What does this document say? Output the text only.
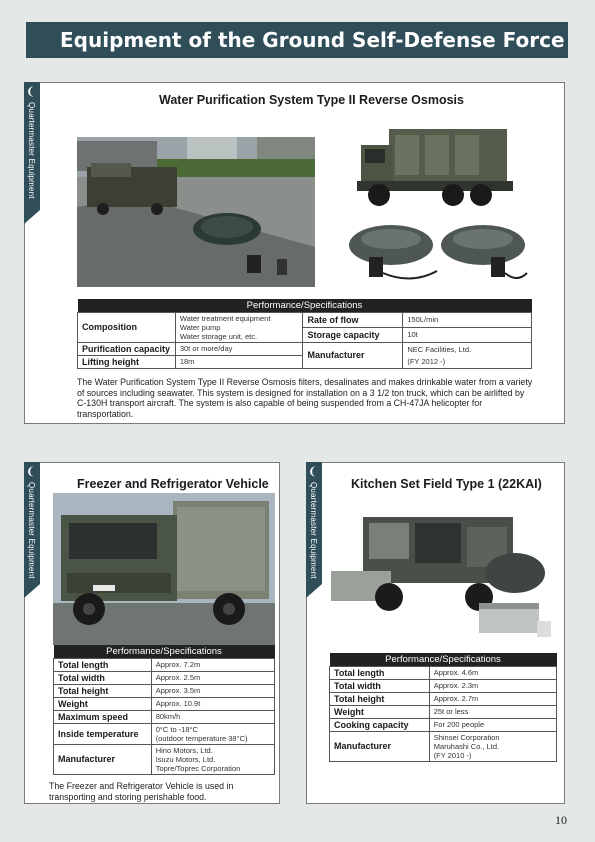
Equipment of the Ground Self-Defense Force
❨
Quartermaster Equipment
Water Purification System Type II Reverse Osmosis
Performance/Specifications			
Composition	Water treatment equipment
Water pump
Water storage unit, etc.	Rate of flow	150L/min
		Storage capacity	10t
Purification capacity	30t or more/day	Manufacturer	NEC Facilities, Ltd.
(FY 2012 -)

Lifting height	18m		

The Water Purification System Type II Reverse Osmosis filters, desalinates and makes drinkable water from a variety of sources including seawater. This system is designed for installation on a 3 1/2 ton truck, which can be airlifted by C-130H transport aircraft. The system is also capable of being suspended from a CH-47JA helicopter for transportation.

❨
Quartermaster Equipment	Freezer and Refrigerator Vehicle
Performance/Specifications	
Total length	Approx. 7.2m
Total width	Approx. 2.5m
Total height	Approx. 3.5m
Weight	Approx. 10.9t
Maximum speed	80km/h
Inside temperature	0°C to -18°C
(outdoor temperature 38°C)

Manufacturer	Hino Motors, Ltd.
Isuzu Motors, Ltd.
Topre/Toprec Corporation

The Freezer and Refrigerator Vehicle is used in transporting and storing perishable food.

❨
Quartermaster Equipment	Kitchen Set Field Type 1 (22KAI)
Performance/Specifications	
Total length	Approx. 4.6m
Total width	Approx. 2.3m
Total height	Approx. 2.7m
Weight	25t or less
Cooking capacity	For 200 people
Manufacturer	Shinsei Corporation
Maruhashi Co., Ltd.
(FY 2010 -)
10
